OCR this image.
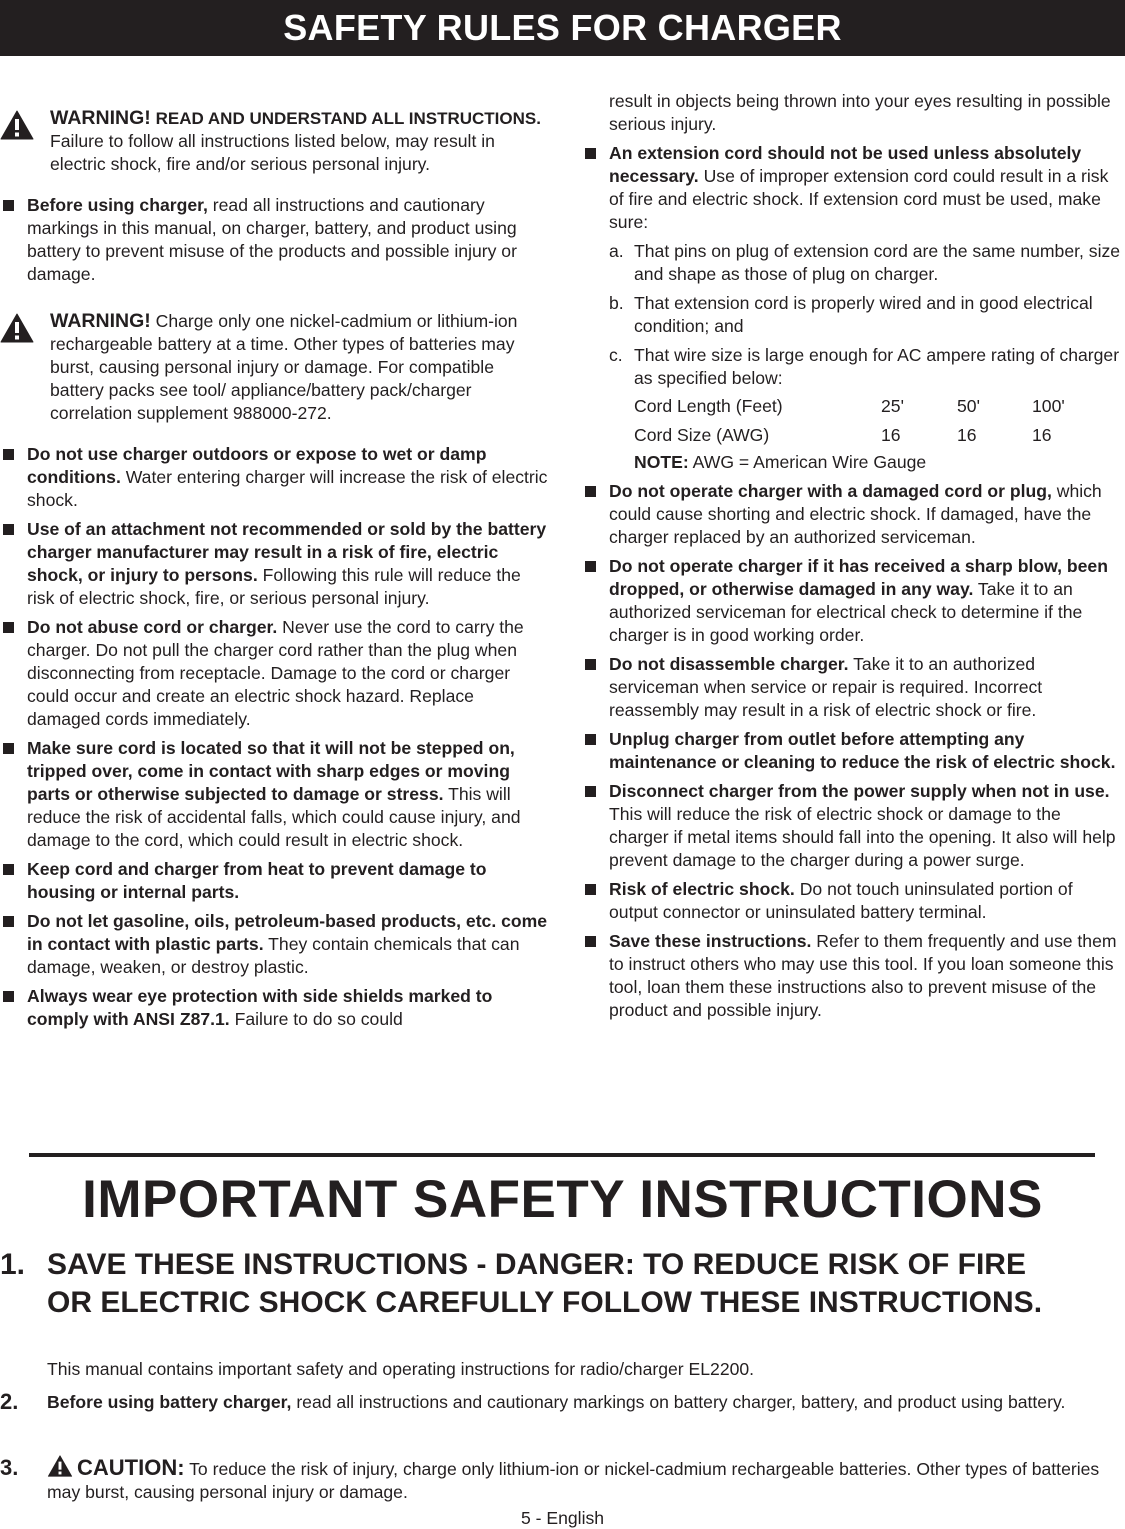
SAFETY RULES FOR CHARGER
WARNING! READ AND UNDERSTAND ALL INSTRUCTIONS. Failure to follow all instructions listed below, may result in electric shock, fire and/or serious personal injury.
Before using charger, read all instructions and cautionary markings in this manual, on charger, battery, and product using battery to prevent misuse of the products and possible injury or damage.
WARNING! Charge only one nickel-cadmium or lithium-ion rechargeable battery at a time. Other types of batteries may burst, causing personal injury or damage. For compatible battery packs see tool/ appliance/battery pack/charger correlation supplement 988000-272.
Do not use charger outdoors or expose to wet or damp conditions. Water entering charger will increase the risk of electric shock.
Use of an attachment not recommended or sold by the battery charger manufacturer may result in a risk of fire, electric shock, or injury to persons. Following this rule will reduce the risk of electric shock, fire, or serious personal injury.
Do not abuse cord or charger. Never use the cord to carry the charger. Do not pull the charger cord rather than the plug when disconnecting from receptacle. Damage to the cord or charger could occur and create an electric shock hazard. Replace damaged cords immediately.
Make sure cord is located so that it will not be stepped on, tripped over, come in contact with sharp edges or moving parts or otherwise subjected to damage or stress. This will reduce the risk of accidental falls, which could cause injury, and damage to the cord, which could result in electric shock.
Keep cord and charger from heat to prevent damage to housing or internal parts.
Do not let gasoline, oils, petroleum-based products, etc. come in contact with plastic parts. They contain chemicals that can damage, weaken, or destroy plastic.
Always wear eye protection with side shields marked to comply with ANSI Z87.1. Failure to do so could
result in objects being thrown into your eyes resulting in possible serious injury.
An extension cord should not be used unless absolutely necessary. Use of improper extension cord could result in a risk of fire and electric shock. If extension cord must be used, make sure:
a. That pins on plug of extension cord are the same number, size and shape as those of plug on charger.
b. That extension cord is properly wired and in good electrical condition; and
c. That wire size is large enough for AC ampere rating of charger as specified below:
Cord Length (Feet)	25'	50'	100'
Cord Size (AWG)	16	16	16
NOTE: AWG = American Wire Gauge
Do not operate charger with a damaged cord or plug, which could cause shorting and electric shock. If damaged, have the charger replaced by an authorized serviceman.
Do not operate charger if it has received a sharp blow, been dropped, or otherwise damaged in any way. Take it to an authorized serviceman for electrical check to determine if the charger is in good working order.
Do not disassemble charger. Take it to an authorized serviceman when service or repair is required. Incorrect reassembly may result in a risk of electric shock or fire.
Unplug charger from outlet before attempting any maintenance or cleaning to reduce the risk of electric shock.
Disconnect charger from the power supply when not in use. This will reduce the risk of electric shock or damage to the charger if metal items should fall into the opening. It also will help prevent damage to the charger during a power surge.
Risk of electric shock. Do not touch uninsulated portion of output connector or uninsulated battery terminal.
Save these instructions. Refer to them frequently and use them to instruct others who may use this tool. If you loan someone this tool, loan them these instructions also to prevent misuse of the product and possible injury.
IMPORTANT SAFETY INSTRUCTIONS
1. SAVE THESE INSTRUCTIONS - DANGER: TO REDUCE RISK OF FIRE OR ELECTRIC SHOCK CAREFULLY FOLLOW THESE INSTRUCTIONS.
This manual contains important safety and operating instructions for radio/charger EL2200.
2. Before using battery charger, read all instructions and cautionary markings on battery charger, battery, and product using battery.
3.	CAUTION: To reduce the risk of injury, charge only lithium-ion or nickel-cadmium rechargeable batteries. Other types of batteries may burst, causing personal injury or damage.
5 - English
